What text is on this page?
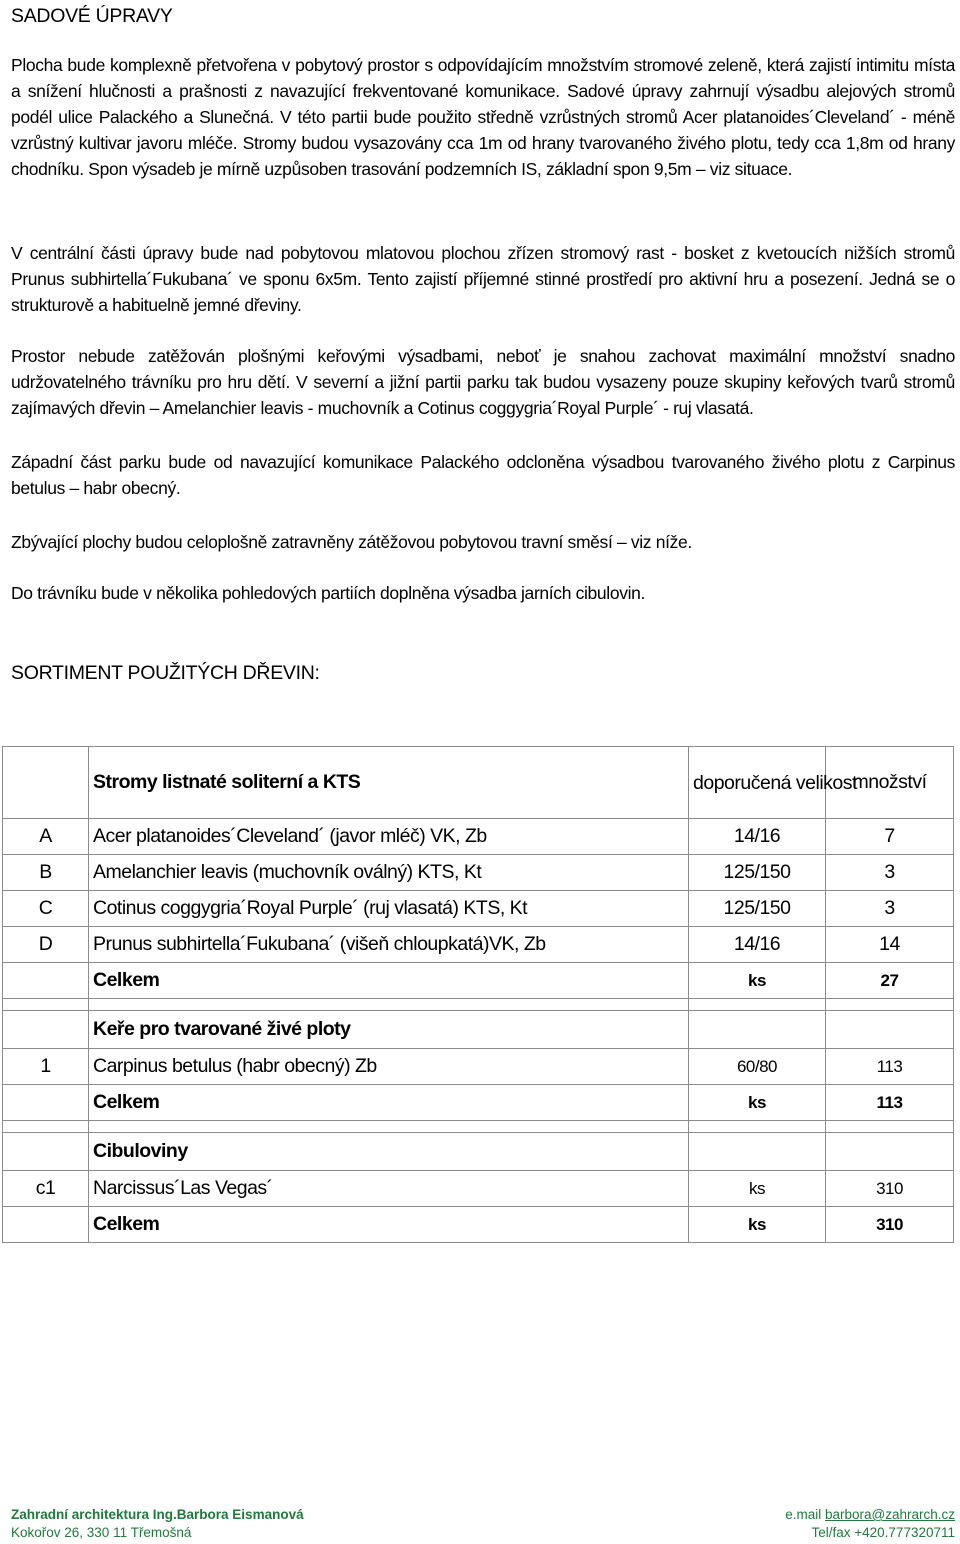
SADOVÉ ÚPRAVY

Plocha bude komplexně přetvořena v pobytový prostor s odpovídajícím množstvím stromové zeleně, která zajistí intimitu místa a snížení hlučnosti a prašnosti z navazující frekventované komunikace. Sadové úpravy zahrnují výsadbu alejových stromů podél ulice Palackého a Slunečná. V této partii bude použito středně vzrůstných stromů Acer platanoides´Cleveland´ - méně vzrůstný kultivar javoru mléče. Stromy budou vysazovány cca 1m od hrany tvarovaného živého plotu, tedy cca 1,8m od hrany chodníku. Spon výsadeb je mírně uzpůsoben trasování podzemních IS, základní spon 9,5m – viz situace.

V centrální části úpravy bude nad pobytovou mlatovou plochou zřízen stromový rast - bosket z kvetoucích nižších stromů Prunus subhirtella´Fukubana´ ve sponu 6x5m. Tento zajistí příjemné stinné prostředí pro aktivní hru a posezení. Jedná se o strukturově a habituelně jemné dřeviny.

Prostor nebude zatěžován plošnými keřovými výsadbami, neboť je snahou zachovat maximální množství snadno udržovatelného trávníku pro hru dětí. V severní a jižní partii parku tak budou vysazeny pouze skupiny keřových tvarů stromů zajímavých dřevin – Amelanchier leavis - muchovník a Cotinus coggygria´Royal Purple´ - ruj vlasatá.

Západní část parku bude od navazující komunikace Palackého odcloněna výsadbou tvarovaného živého plotu z Carpinus betulus – habr obecný.

Zbývající plochy budou celoplošně zatravněny zátěžovou pobytovou travní směsí – viz níže.

Do trávníku bude v několika pohledových partiích doplněna výsadba jarních cibulovin.

SORTIMENT POUŽITÝCH DŘEVIN:
	Stromy listnaté soliterní a KTS	doporučená velikost	množství
A	Acer platanoides´Cleveland´ (javor mléč) VK, Zb	14/16	7
B	Amelanchier leavis (muchovník oválný) KTS, Kt	125/150	3
C	Cotinus coggygria´Royal Purple´ (ruj vlasatá) KTS, Kt	125/150	3
D	Prunus subhirtella´Fukubana´ (višeň chloupkatá)VK, Zb	14/16	14
	Celkem	ks	27

	Keře pro tvarované živé ploty		
1	Carpinus betulus (habr obecný) Zb	60/80	113
	Celkem	ks	113

	Cibuloviny		
c1	Narcissus´Las Vegas´	ks	310
	Celkem	ks	310
Zahradní architektura Ing.Barbora Eismanová	e.mail barbora@zahrarch.cz
Kokořov 26, 330 11 Třemošná	Tel/fax +420.777320711
